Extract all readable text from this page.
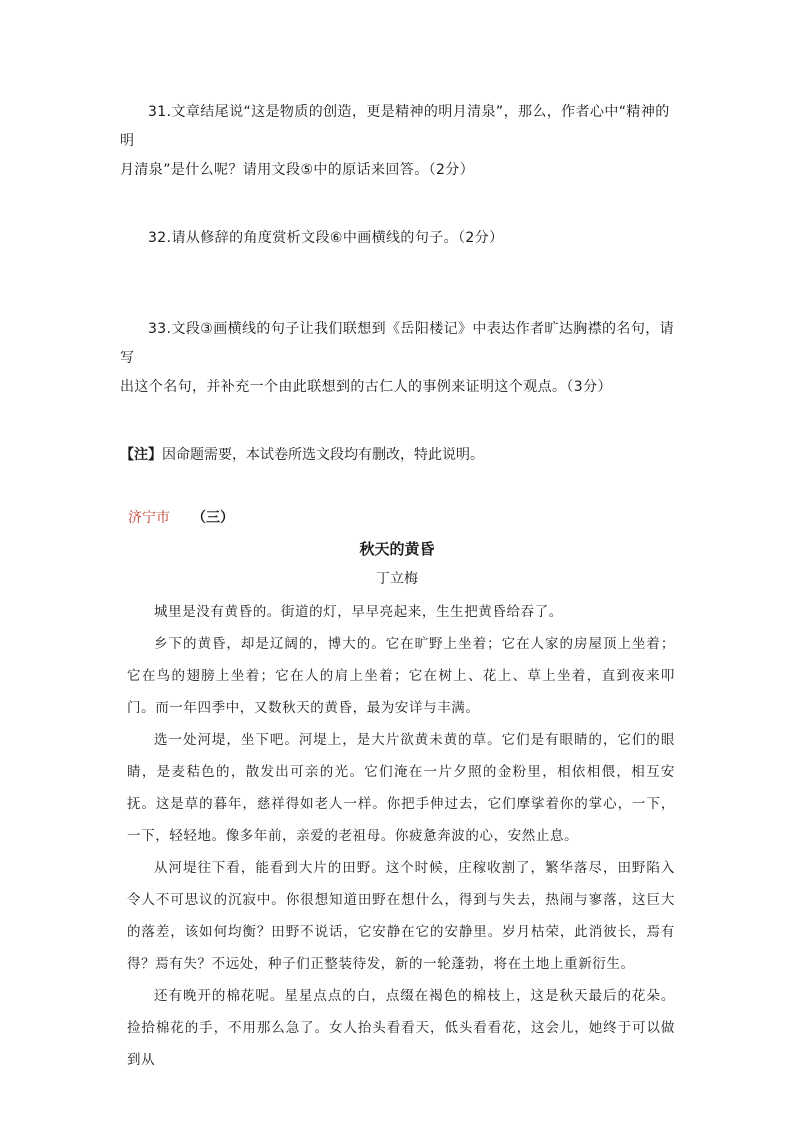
31.文章结尾说“这是物质的创造，更是精神的明月清泉”，那么，作者心中“精神的明
月清泉”是什么呢？请用文段⑤中的原话来回答。（2分）
32.请从修辞的角度赏析文段⑥中画横线的句子。（2分）
33.文段③画横线的句子让我们联想到《岳阳楼记》中表达作者旷达胸襟的名句，请写
出这个名句，并补充一个由此联想到的古仁人的事例来证明这个观点。（3分）
【注】因命题需要，本试卷所选文段均有删改，特此说明。
济宁市 （三）
秋天的黄昏
丁立梅

城里是没有黄昏的。街道的灯，早早亮起来，生生把黄昏给吞了。

乡下的黄昏，却是辽阔的，博大的。它在旷野上坐着；它在人家的房屋顶上坐着；它在鸟的翅膀上坐着；它在人的肩上坐着；它在树上、花上、草上坐着，直到夜来叩门。而一年四季中，又数秋天的黄昏，最为安详与丰满。

选一处河堤，坐下吧。河堤上，是大片欲黄未黄的草。它们是有眼睛的，它们的眼睛，是麦秸色的，散发出可亲的光。它们淹在一片夕照的金粉里，相依相偎，相互安抚。这是草的暮年，慈祥得如老人一样。你把手伸过去，它们摩挲着你的掌心，一下，一下，轻轻地。像多年前，亲爱的老祖母。你疲惫奔波的心，安然止息。

从河堤往下看，能看到大片的田野。这个时候，庄稼收割了，繁华落尽，田野陷入令人不可思议的沉寂中。你很想知道田野在想什么，得到与失去，热闹与寥落，这巨大的落差，该如何均衡？田野不说话，它安静在它的安静里。岁月枯荣，此消彼长，焉有得？焉有失？不远处，种子们正整装待发，新的一轮蓬勃，将在土地上重新衍生。

还有晚开的棉花呢。星星点点的白，点缀在褐色的棉枝上，这是秋天最后的花朵。捡拾棉花的手，不用那么急了。女人抬头看看天，低头看看花，这会儿，她终于可以做到从
